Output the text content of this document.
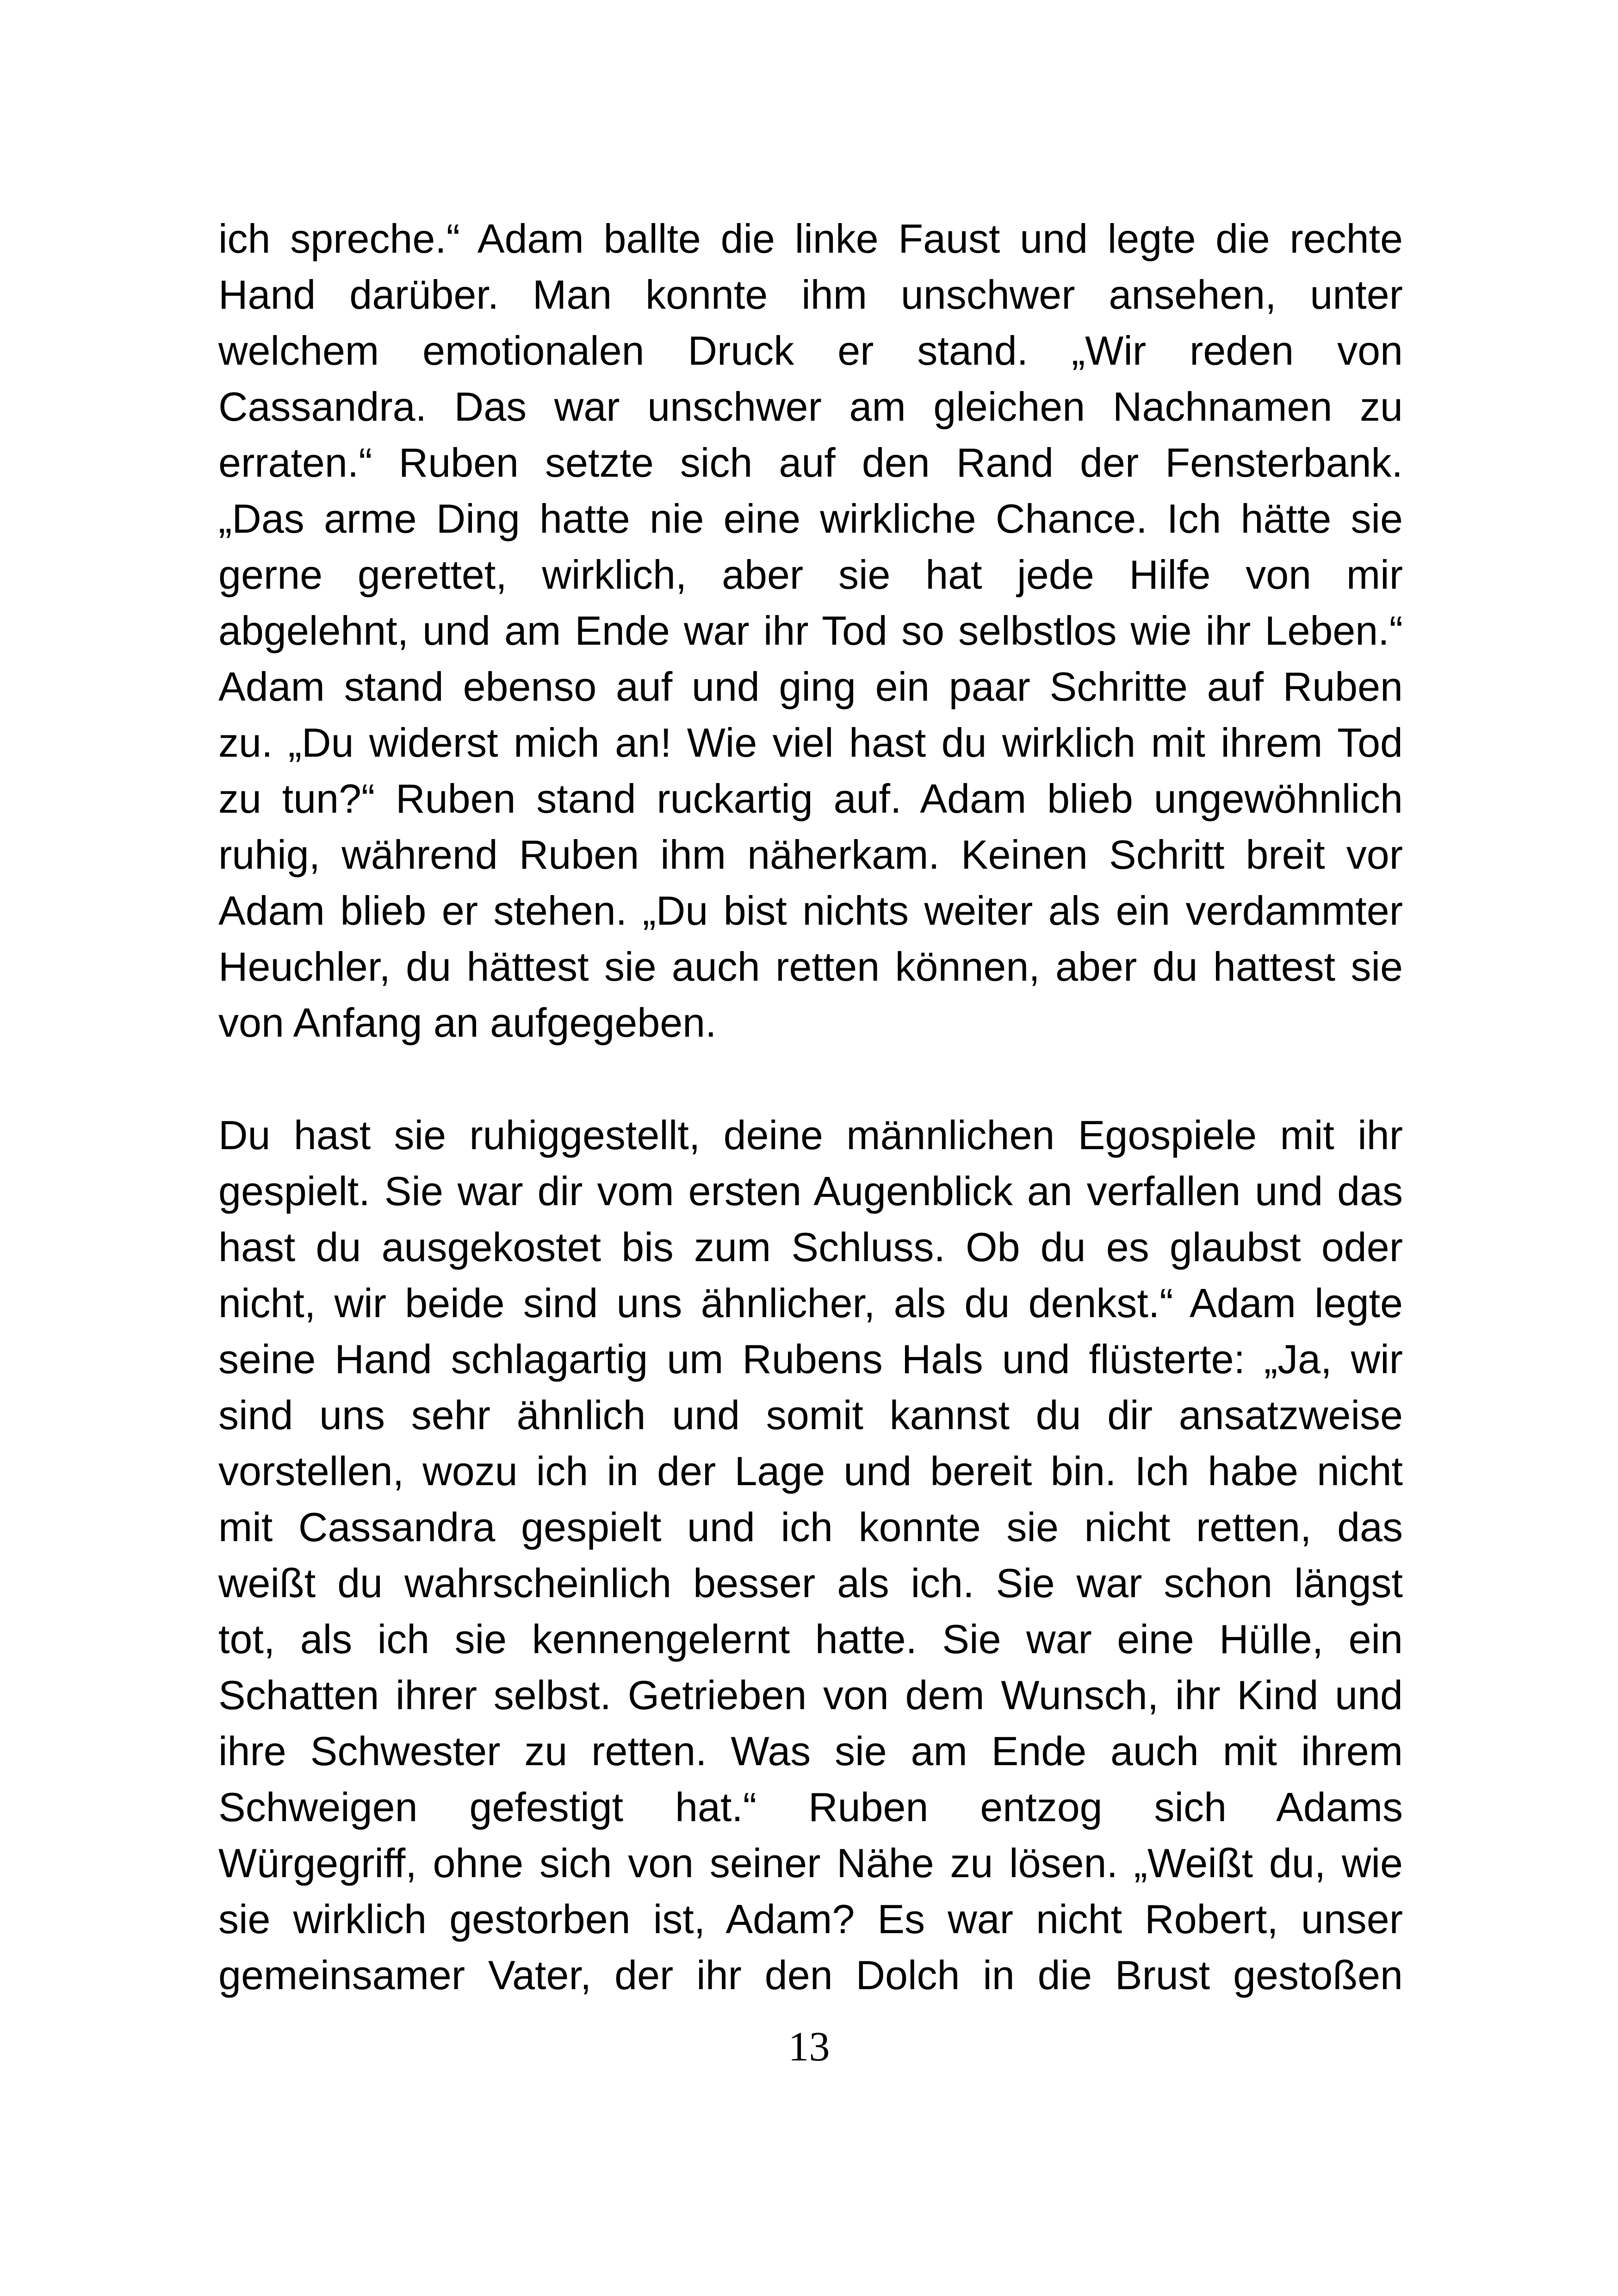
ich spreche.“ Adam ballte die linke Faust und legte die rechte
Hand darüber. Man konnte ihm unschwer ansehen, unter
welchem emotionalen Druck er stand. „Wir reden von
Cassandra. Das war unschwer am gleichen Nachnamen zu
erraten.“ Ruben setzte sich auf den Rand der Fensterbank.
„Das arme Ding hatte nie eine wirkliche Chance. Ich hätte sie
gerne gerettet, wirklich, aber sie hat jede Hilfe von mir
abgelehnt, und am Ende war ihr Tod so selbstlos wie ihr Leben.“
Adam stand ebenso auf und ging ein paar Schritte auf Ruben
zu. „Du widerst mich an! Wie viel hast du wirklich mit ihrem Tod
zu tun?“ Ruben stand ruckartig auf. Adam blieb ungewöhnlich
ruhig, während Ruben ihm näherkam. Keinen Schritt breit vor
Adam blieb er stehen. „Du bist nichts weiter als ein verdammter
Heuchler, du hättest sie auch retten können, aber du hattest sie
von Anfang an aufgegeben.
Du hast sie ruhiggestellt, deine männlichen Egospiele mit ihr
gespielt. Sie war dir vom ersten Augenblick an verfallen und das
hast du ausgekostet bis zum Schluss. Ob du es glaubst oder
nicht, wir beide sind uns ähnlicher, als du denkst.“ Adam legte
seine Hand schlagartig um Rubens Hals und flüsterte: „Ja, wir
sind uns sehr ähnlich und somit kannst du dir ansatzweise
vorstellen, wozu ich in der Lage und bereit bin. Ich habe nicht
mit Cassandra gespielt und ich konnte sie nicht retten, das
weißt du wahrscheinlich besser als ich. Sie war schon längst
tot, als ich sie kennengelernt hatte. Sie war eine Hülle, ein
Schatten ihrer selbst. Getrieben von dem Wunsch, ihr Kind und
ihre Schwester zu retten. Was sie am Ende auch mit ihrem
Schweigen gefestigt hat.“ Ruben entzog sich Adams
Würgegriff, ohne sich von seiner Nähe zu lösen. „Weißt du, wie
sie wirklich gestorben ist, Adam? Es war nicht Robert, unser
gemeinsamer Vater, der ihr den Dolch in die Brust gestoßen
13
